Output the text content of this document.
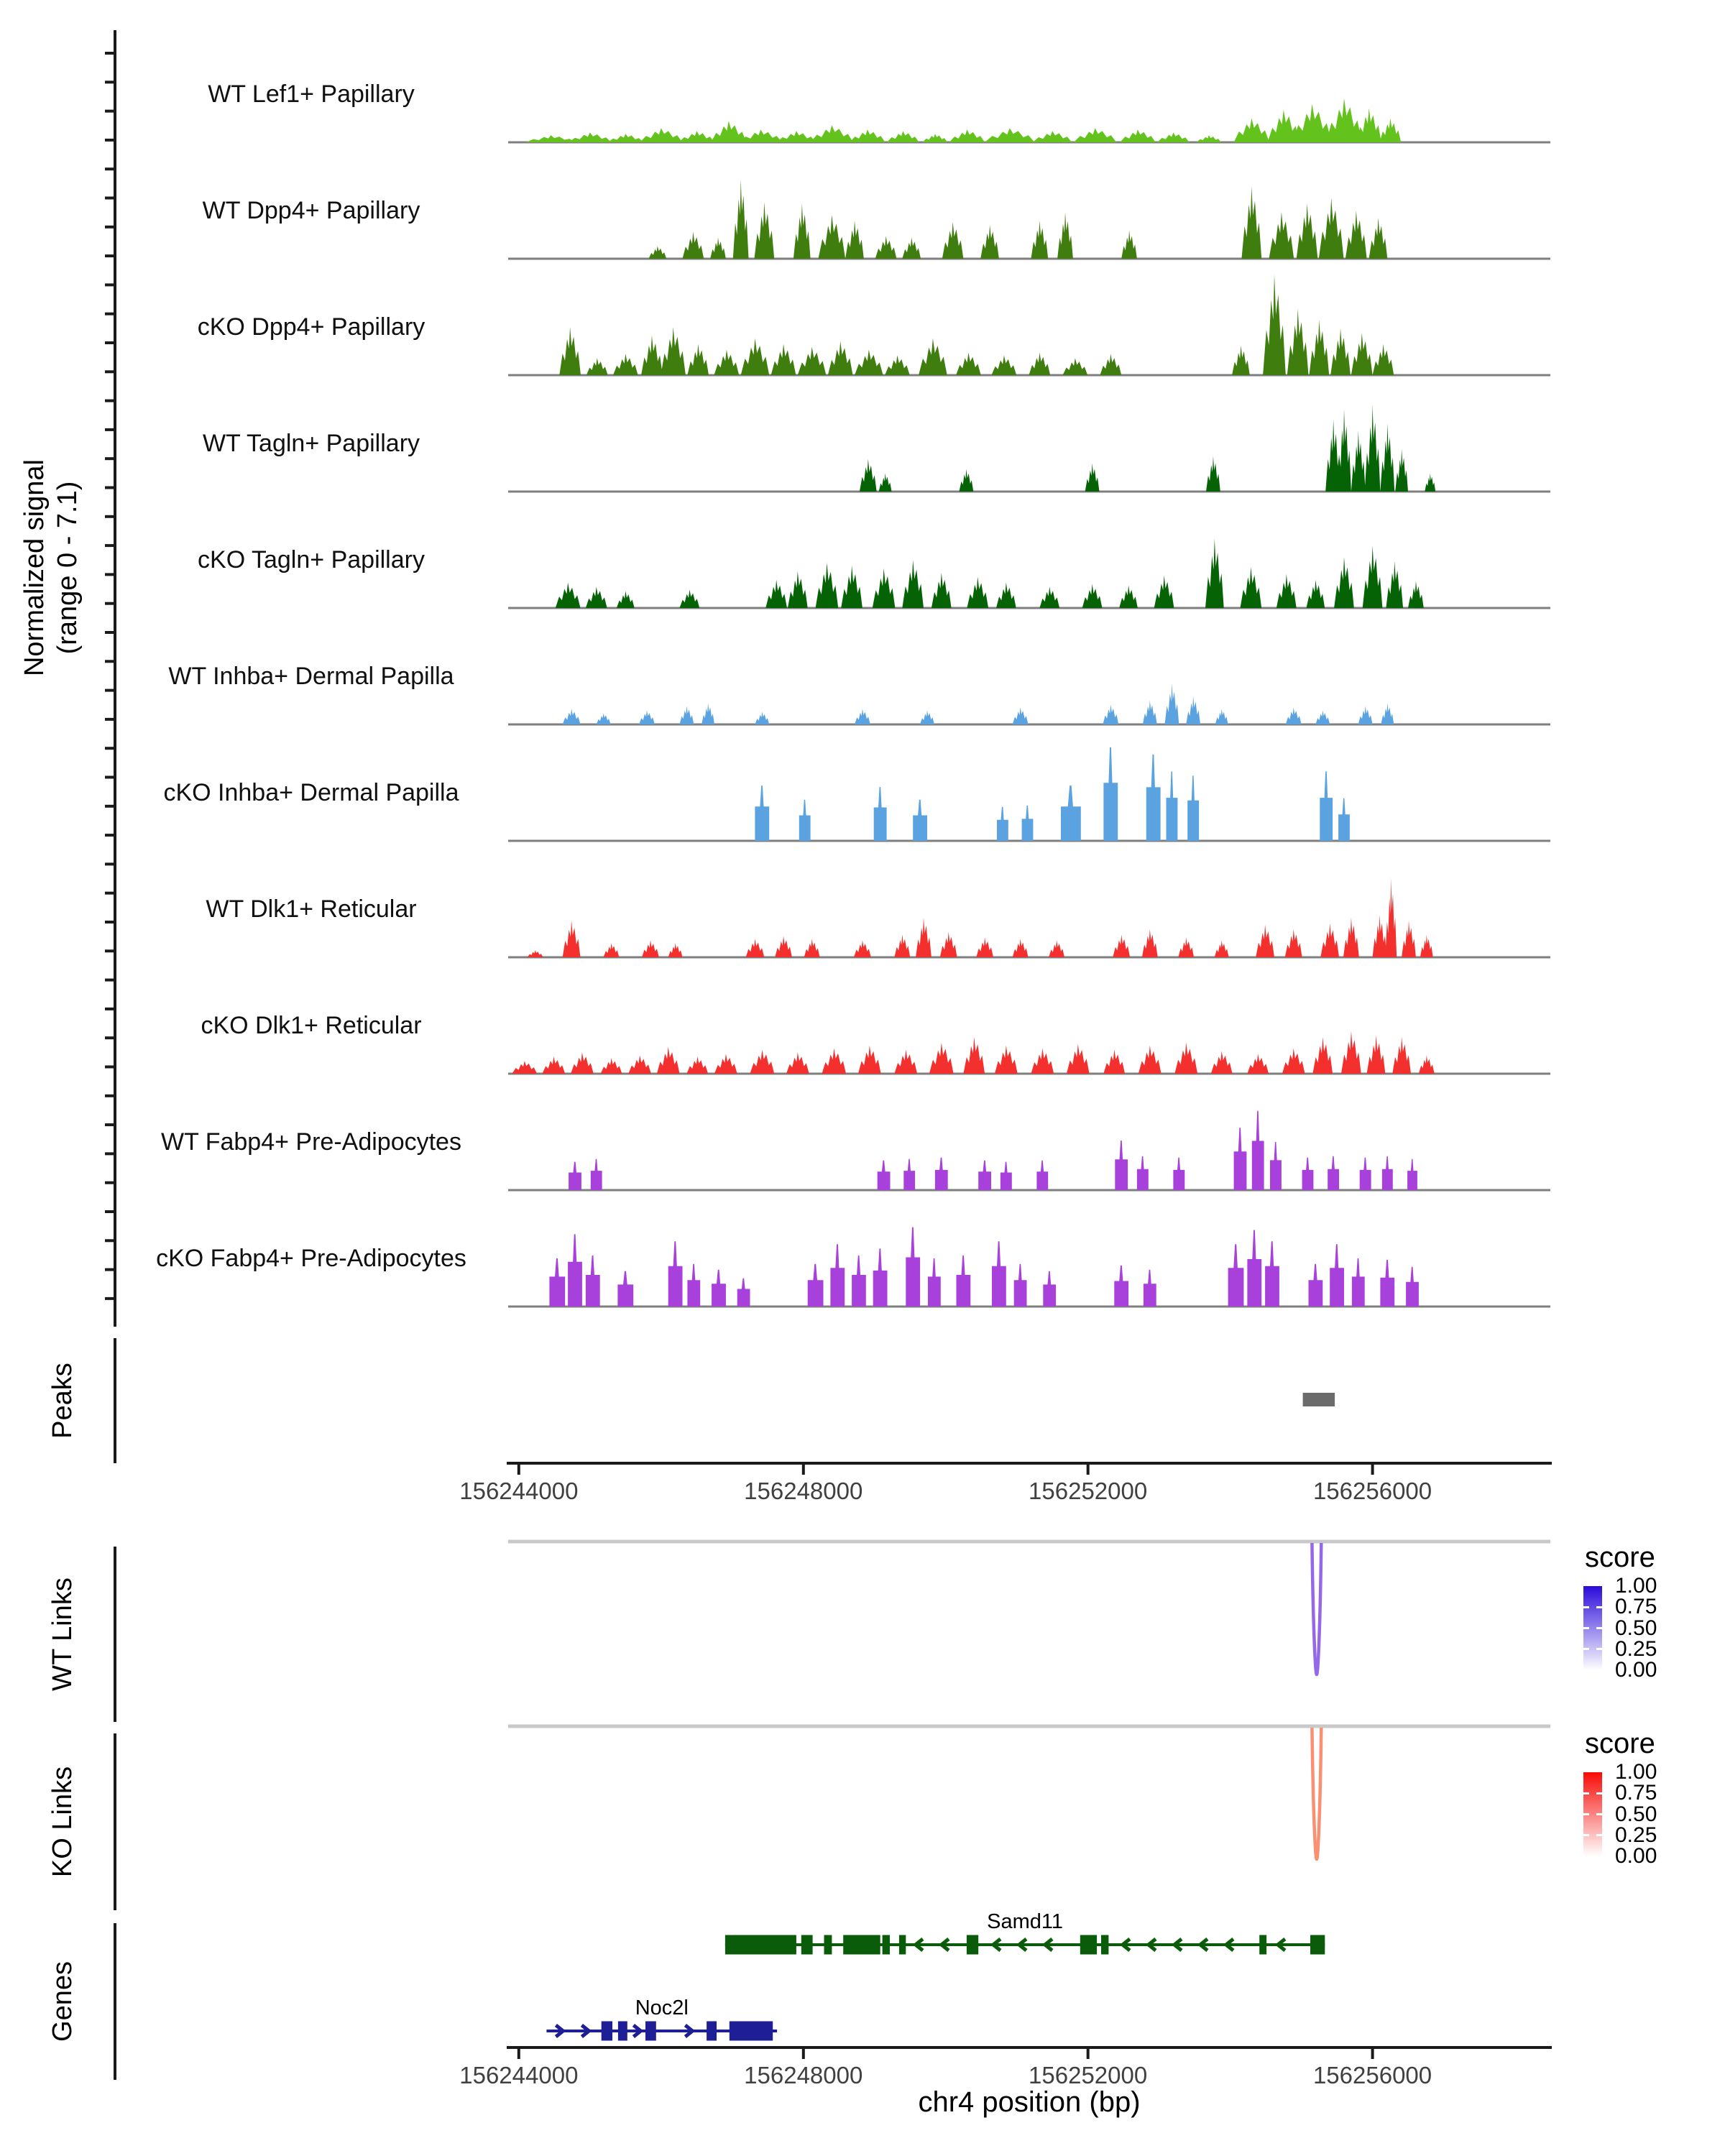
Normalized signal (range 0 - 7.1)
Peaks
WT Links
KO Links
Genes
WT Lef1+ Papillary
WT Dpp4+ Papillary
cKO Dpp4+ Papillary
WT Tagln+ Papillary
cKO Tagln+ Papillary
WT Inhba+ Dermal Papilla
cKO Inhba+ Dermal Papilla
WT Dlk1+ Reticular
cKO Dlk1+ Reticular
WT Fabp4+ Pre-Adipocytes
cKO Fabp4+ Pre-Adipocytes
156244000	156248000	156252000	156256000
156244000	156248000	156252000	156256000
Samd11
Noc2l
chr4 position (bp)
score
1.00
0.75
0.50
0.25
0.00
score
1.00
0.75
0.50
0.25
0.00
